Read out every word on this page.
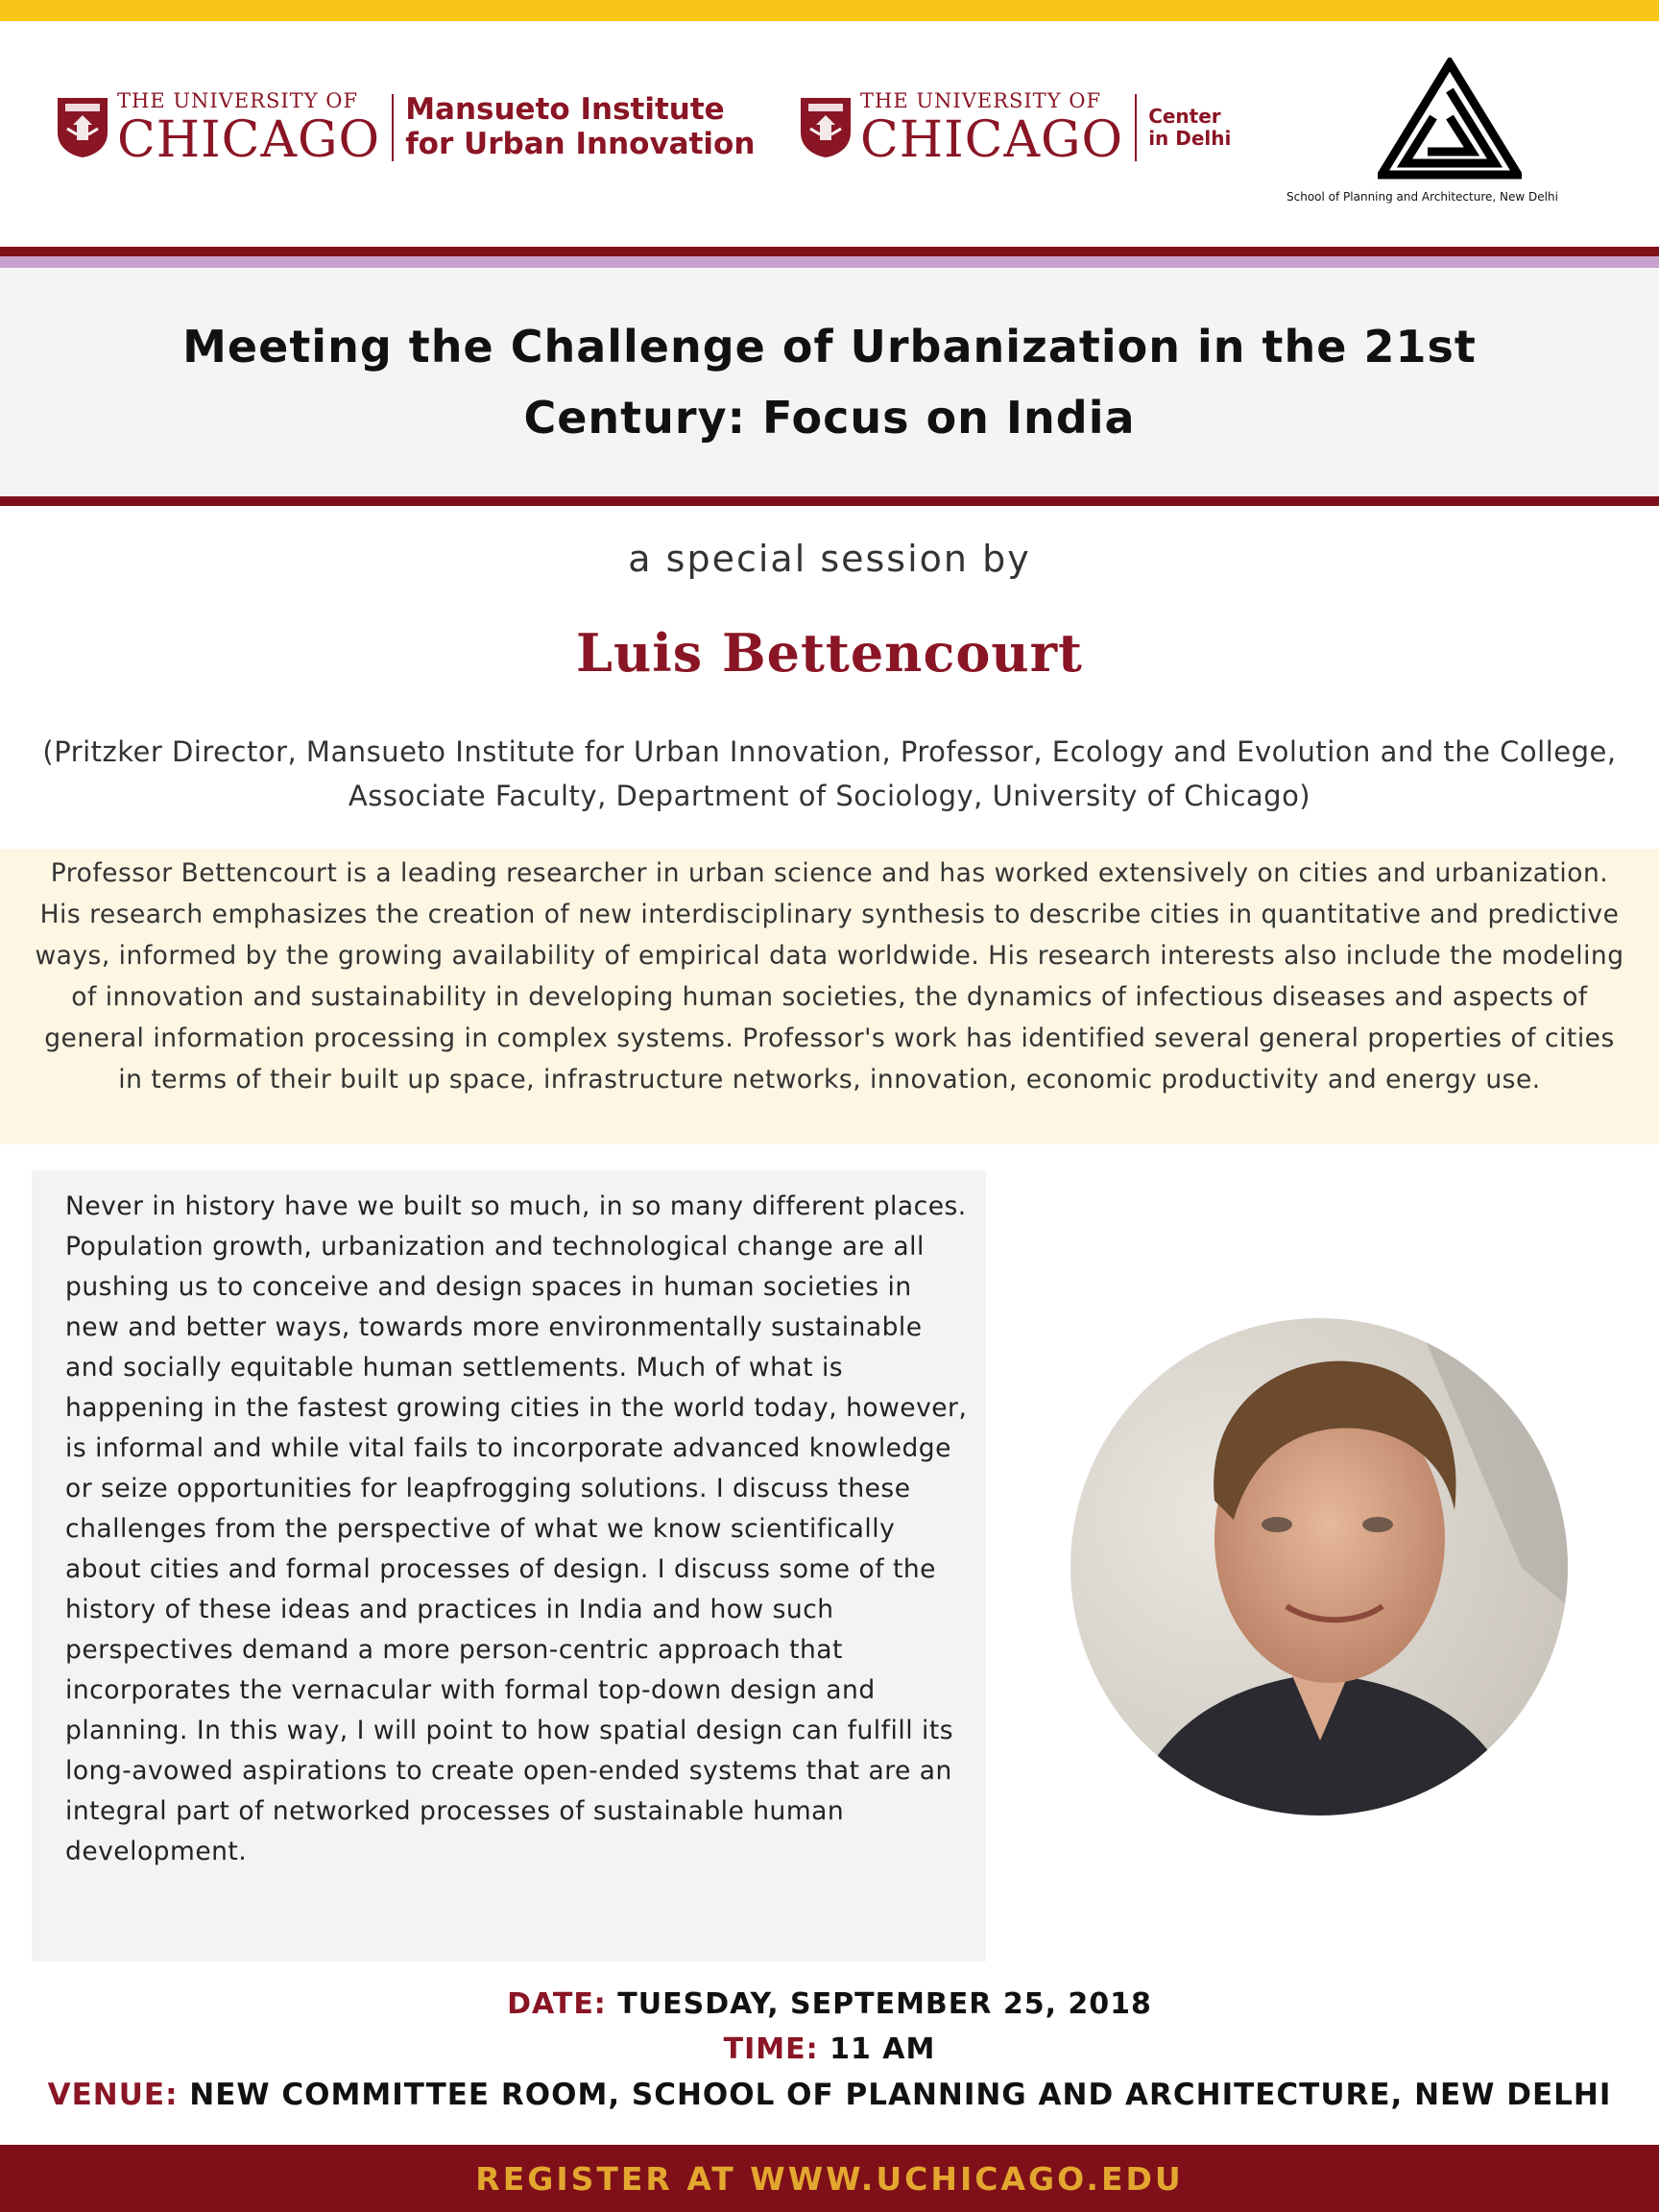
THE UNIVERSITY OF
CHICAGO
Mansueto Institute
for Urban Innovation
THE UNIVERSITY OF
CHICAGO Center
in Delhi
School of Planning and Architecture, New Delhi
Meeting the Challenge of Urbanization in the 21st Century: Focus on India
a special session by
Luis Bettencourt
(Pritzker Director, Mansueto Institute for Urban Innovation, Professor, Ecology and Evolution and the College, Associate Faculty, Department of Sociology, University of Chicago)
Professor Bettencourt is a leading researcher in urban science and has worked extensively on cities and urbanization. His research emphasizes the creation of new interdisciplinary synthesis to describe cities in quantitative and predictive ways, informed by the growing availability of empirical data worldwide. His research interests also include the modeling of innovation and sustainability in developing human societies, the dynamics of infectious diseases and aspects of general information processing in complex systems. Professor's work has identified several general properties of cities in terms of their built up space, infrastructure networks, innovation, economic productivity and energy use.
Never in history have we built so much, in so many different places. Population growth, urbanization and technological change are all pushing us to conceive and design spaces in human societies in new and better ways, towards more environmentally sustainable and socially equitable human settlements. Much of what is happening in the fastest growing cities in the world today, however, is informal and while vital fails to incorporate advanced knowledge or seize opportunities for leapfrogging solutions. I discuss these challenges from the perspective of what we know scientifically about cities and formal processes of design. I discuss some of the history of these ideas and practices in India and how such perspectives demand a more person-centric approach that incorporates the vernacular with formal top-down design and planning. In this way, I will point to how spatial design can fulfill its long-avowed aspirations to create open-ended systems that are an integral part of networked processes of sustainable human development.
DATE: TUESDAY, SEPTEMBER 25, 2018
TIME: 11 AM
VENUE: NEW COMMITTEE ROOM, SCHOOL OF PLANNING AND ARCHITECTURE, NEW DELHI
REGISTER AT WWW.UCHICAGO.EDU
